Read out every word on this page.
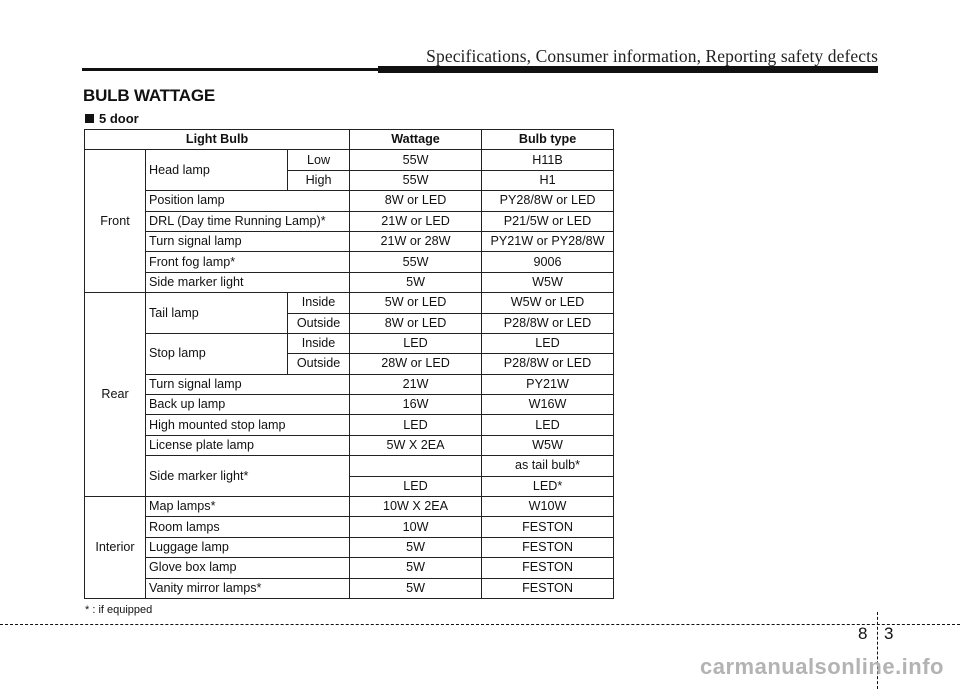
Specifications, Consumer information, Reporting safety defects
BULB WATTAGE
5 door
Light Bulb			Wattage	Bulb type
Front	Head lamp	Low	55W	H11B
		High	55W	H1
	Position lamp		8W or LED	PY28/8W or LED
	DRL (Day time Running Lamp)*		21W or LED	P21/5W or LED
	Turn signal lamp		21W or 28W	PY21W or PY28/8W
	Front fog lamp*		55W	9006
	Side marker light		5W	W5W
Rear	Tail lamp	Inside	5W or LED	W5W or LED
		Outside	8W or LED	P28/8W or LED
	Stop lamp	Inside	LED	LED
		Outside	28W or LED	P28/8W or LED
	Turn signal lamp		21W	PY21W
	Back up lamp		16W	W16W
	High mounted stop lamp		LED	LED
	License plate lamp		5W X 2EA	W5W
	Side marker light*			as tail bulb*
			LED	LED*
Interior	Map lamps*		10W X 2EA	W10W
	Room lamps		10W	FESTON
	Luggage lamp		5W	FESTON
	Glove box lamp		5W	FESTON
	Vanity mirror lamps*		5W	FESTON
* : if equipped
8 3
carmanualsonline.info
